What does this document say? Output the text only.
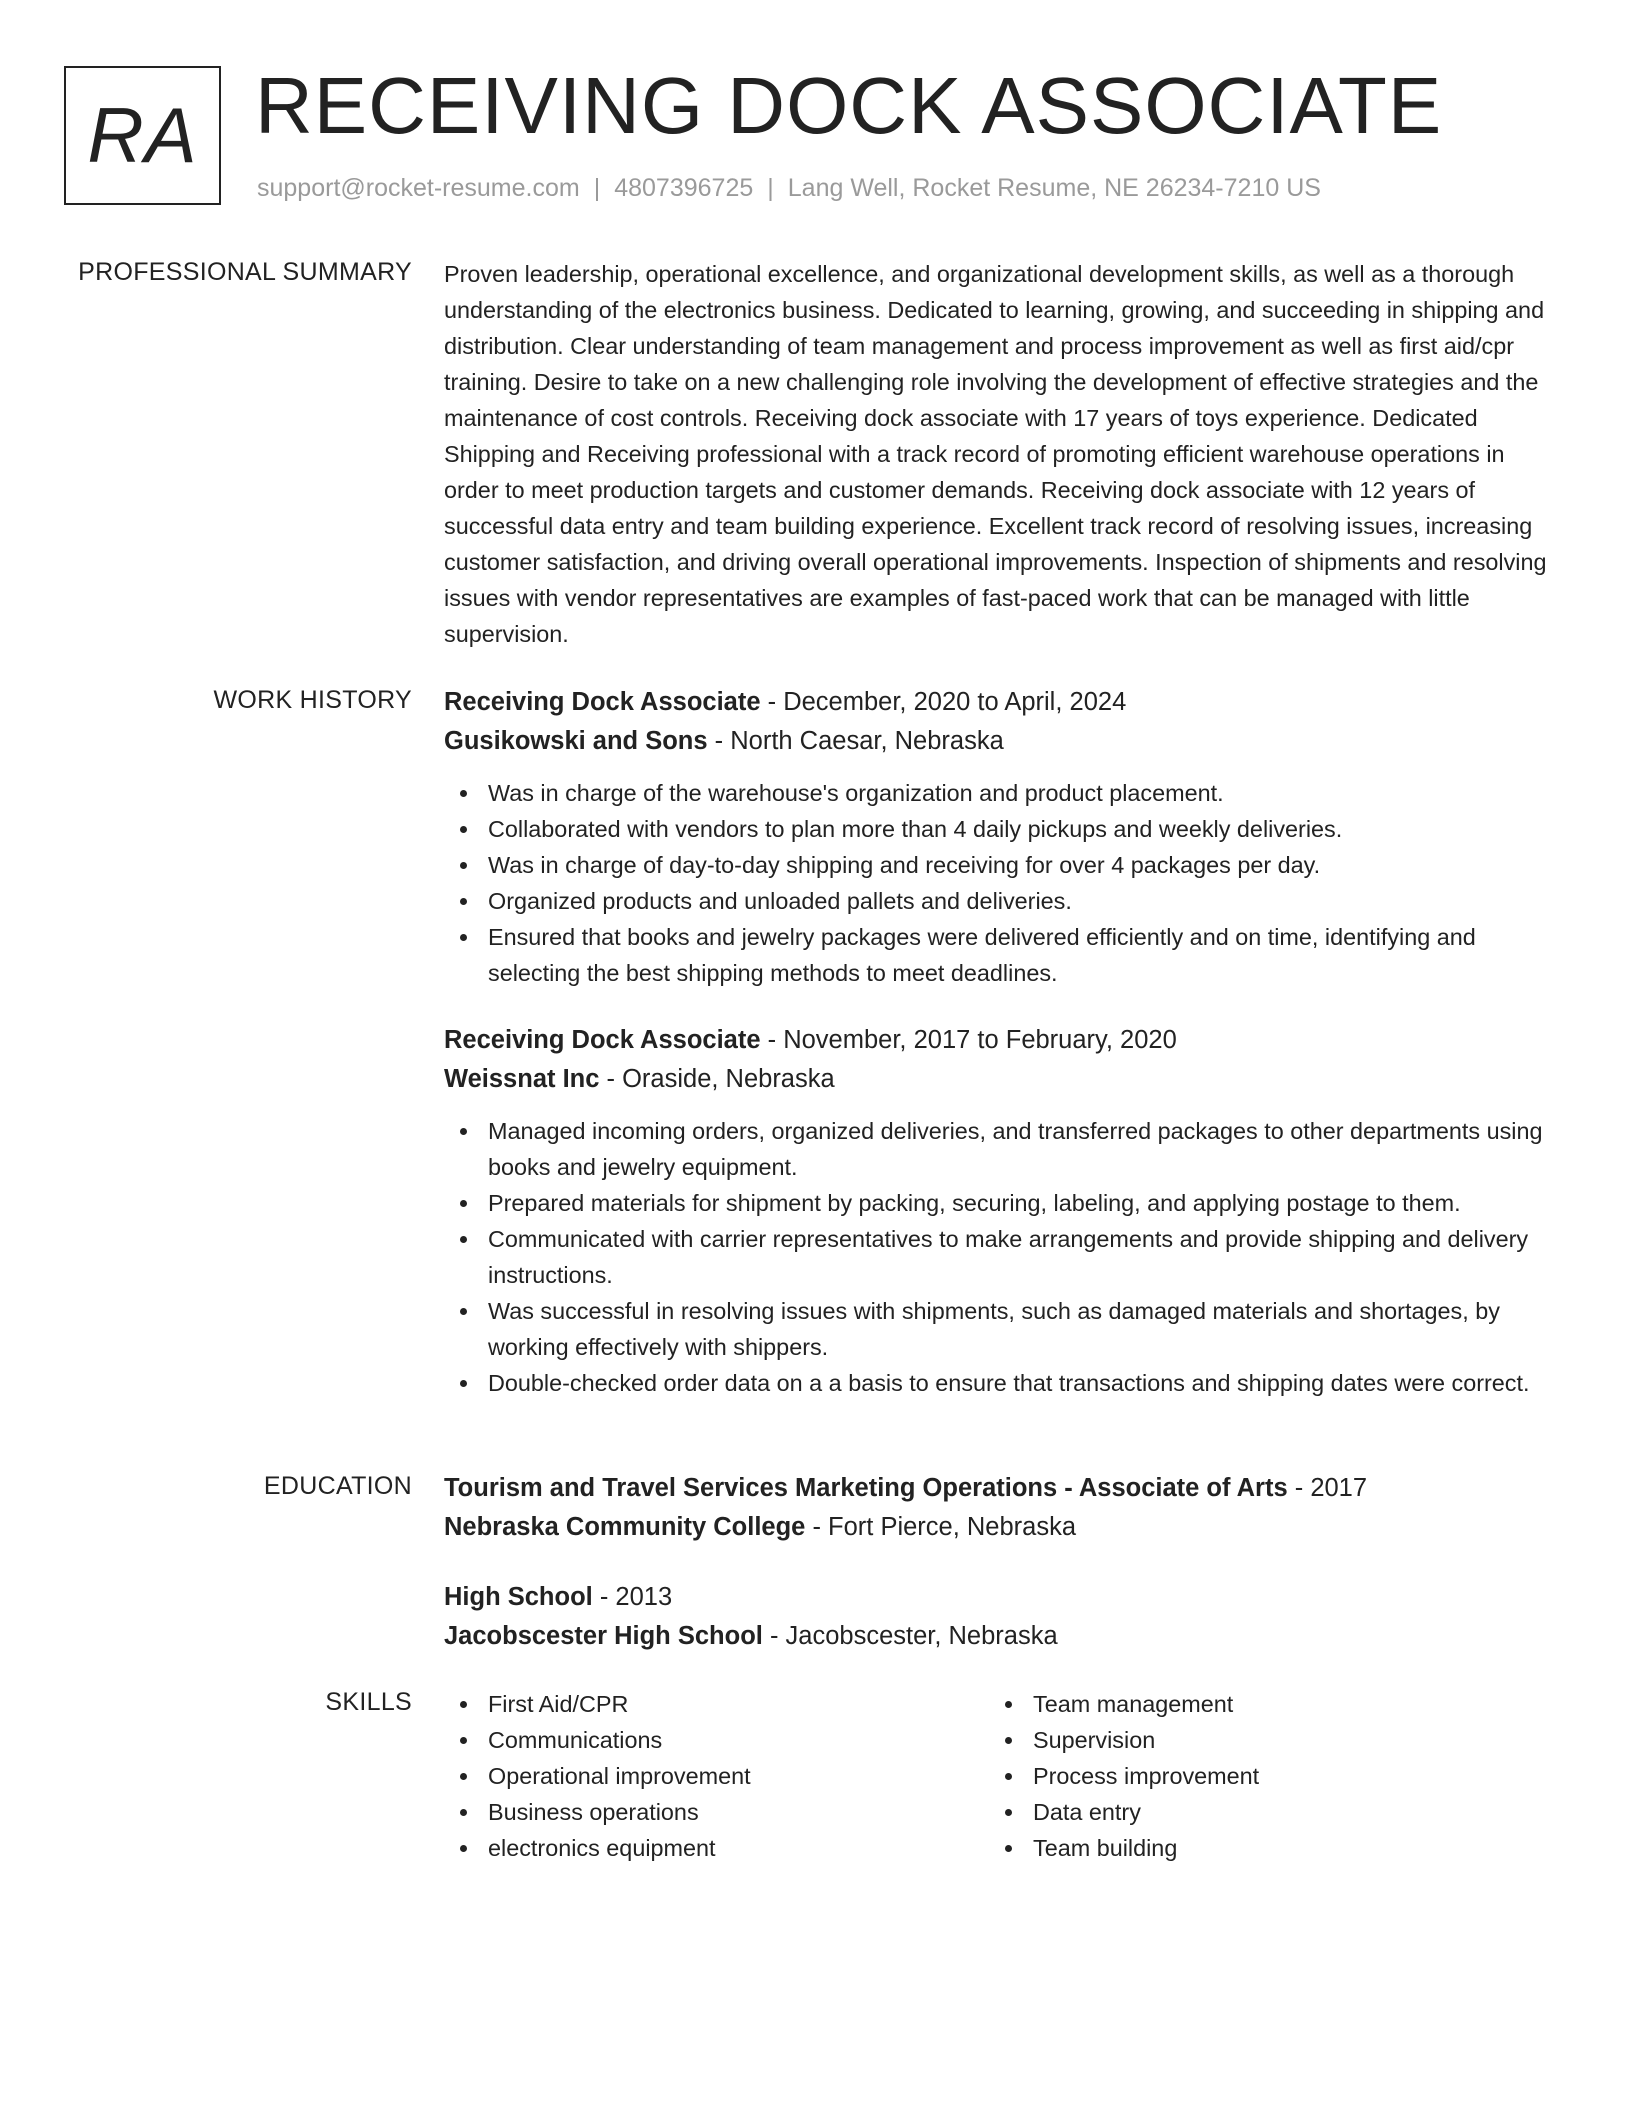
RA RECEIVING DOCK ASSOCIATE
support@rocket-resume.com | 4807396725 | Lang Well, Rocket Resume, NE 26234-7210 US
PROFESSIONAL SUMMARY Proven leadership, operational excellence, and organizational development skills, as well as a thorough understanding of the electronics business. Dedicated to learning, growing, and succeeding in shipping and distribution. Clear understanding of team management and process improvement as well as first aid/cpr training. Desire to take on a new challenging role involving the development of effective strategies and the maintenance of cost controls. Receiving dock associate with 17 years of toys experience. Dedicated Shipping and Receiving professional with a track record of promoting efficient warehouse operations in order to meet production targets and customer demands. Receiving dock associate with 12 years of successful data entry and team building experience. Excellent track record of resolving issues, increasing customer satisfaction, and driving overall operational improvements. Inspection of shipments and resolving issues with vendor representatives are examples of fast-paced work that can be managed with little supervision.

WORK HISTORY Receiving Dock Associate - December, 2020 to April, 2024
Gusikowski and Sons - North Caesar, Nebraska
Was in charge of the warehouse's organization and product placement.
Collaborated with vendors to plan more than 4 daily pickups and weekly deliveries.
Was in charge of day-to-day shipping and receiving for over 4 packages per day.
Organized products and unloaded pallets and deliveries.
Ensured that books and jewelry packages were delivered efficiently and on time, identifying and selecting the best shipping methods to meet deadlines.
Receiving Dock Associate - November, 2017 to February, 2020
Weissnat Inc - Oraside, Nebraska
Managed incoming orders, organized deliveries, and transferred packages to other departments using books and jewelry equipment.
Prepared materials for shipment by packing, securing, labeling, and applying postage to them.
Communicated with carrier representatives to make arrangements and provide shipping and delivery instructions.
Was successful in resolving issues with shipments, such as damaged materials and shortages, by working effectively with shippers.
Double-checked order data on a a basis to ensure that transactions and shipping dates were correct.
EDUCATION Tourism and Travel Services Marketing Operations - Associate of Arts - 2017
Nebraska Community College - Fort Pierce, Nebraska
High School - 2013
Jacobscester High School - Jacobscester, Nebraska
SKILLS	First Aid/CPR
Communications
Operational improvement
Business operations
electronics equipment
Team management
Supervision
Process improvement
Data entry
Team building
